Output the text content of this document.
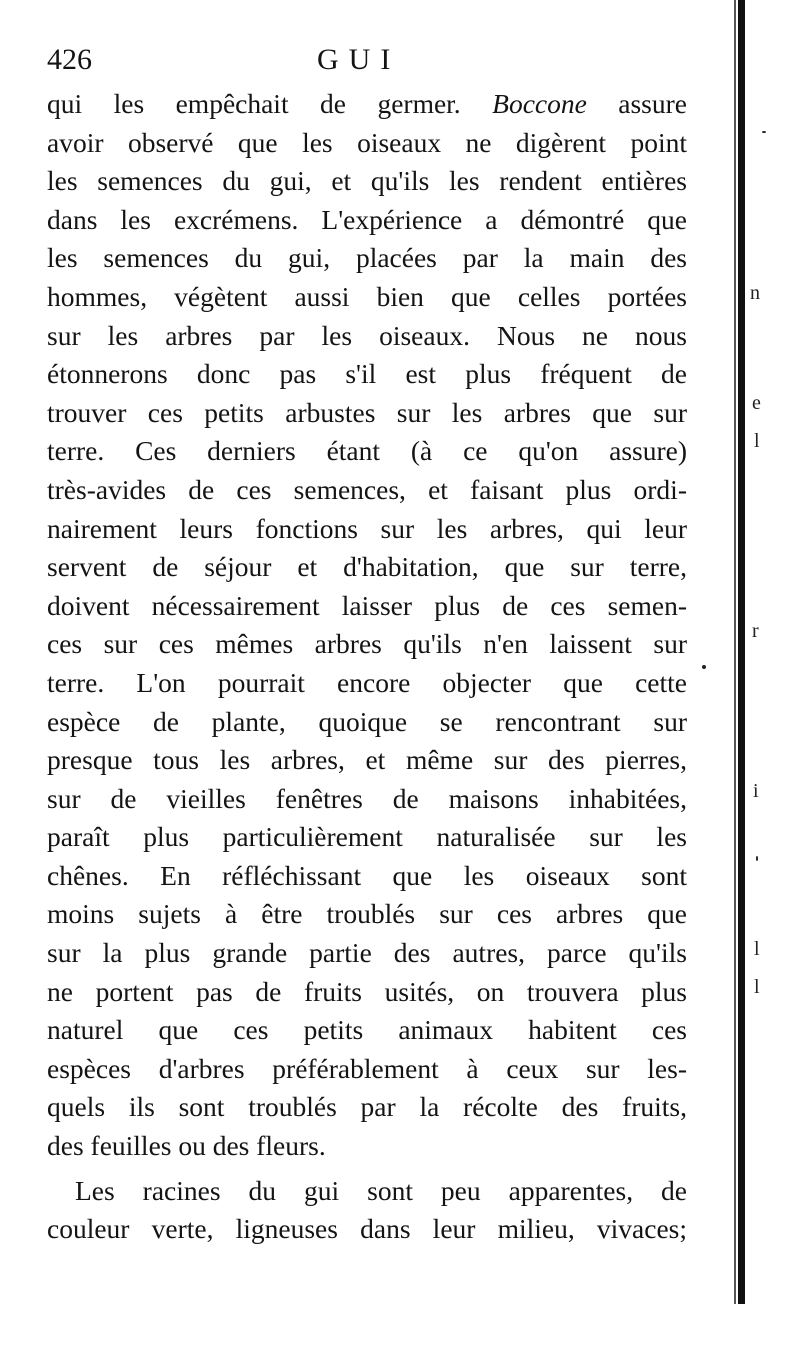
426	GUI
qui les empêchait de germer. Boccone assure
avoir observé que les oiseaux ne digèrent point
les semences du gui, et qu'ils les rendent entières
dans les excrémens. L'expérience a démontré que
les semences du gui, placées par la main des
hommes, végètent aussi bien que celles portées
sur les arbres par les oiseaux. Nous ne nous
étonnerons donc pas s'il est plus fréquent de
trouver ces petits arbustes sur les arbres que sur
terre. Ces derniers étant (à ce qu'on assure)
très-avides de ces semences, et faisant plus ordi-
nairement leurs fonctions sur les arbres, qui leur
servent de séjour et d'habitation, que sur terre,
doivent nécessairement laisser plus de ces semen-
ces sur ces mêmes arbres qu'ils n'en laissent sur
terre. L'on pourrait encore objecter que cette
espèce de plante, quoique se rencontrant sur
presque tous les arbres, et même sur des pierres,
sur de vieilles fenêtres de maisons inhabitées,
paraît plus particulièrement naturalisée sur les
chênes. En réfléchissant que les oiseaux sont
moins sujets à être troublés sur ces arbres que
sur la plus grande partie des autres, parce qu'ils
ne portent pas de fruits usités, on trouvera plus
naturel que ces petits animaux habitent ces
espèces d'arbres préférablement à ceux sur les-
quels ils sont troublés par la récolte des fruits,
des feuilles ou des fleurs.
Les racines du gui sont peu apparentes, de
couleur verte, ligneuses dans leur milieu, vivaces;
n
e
l
r
i
l
l
